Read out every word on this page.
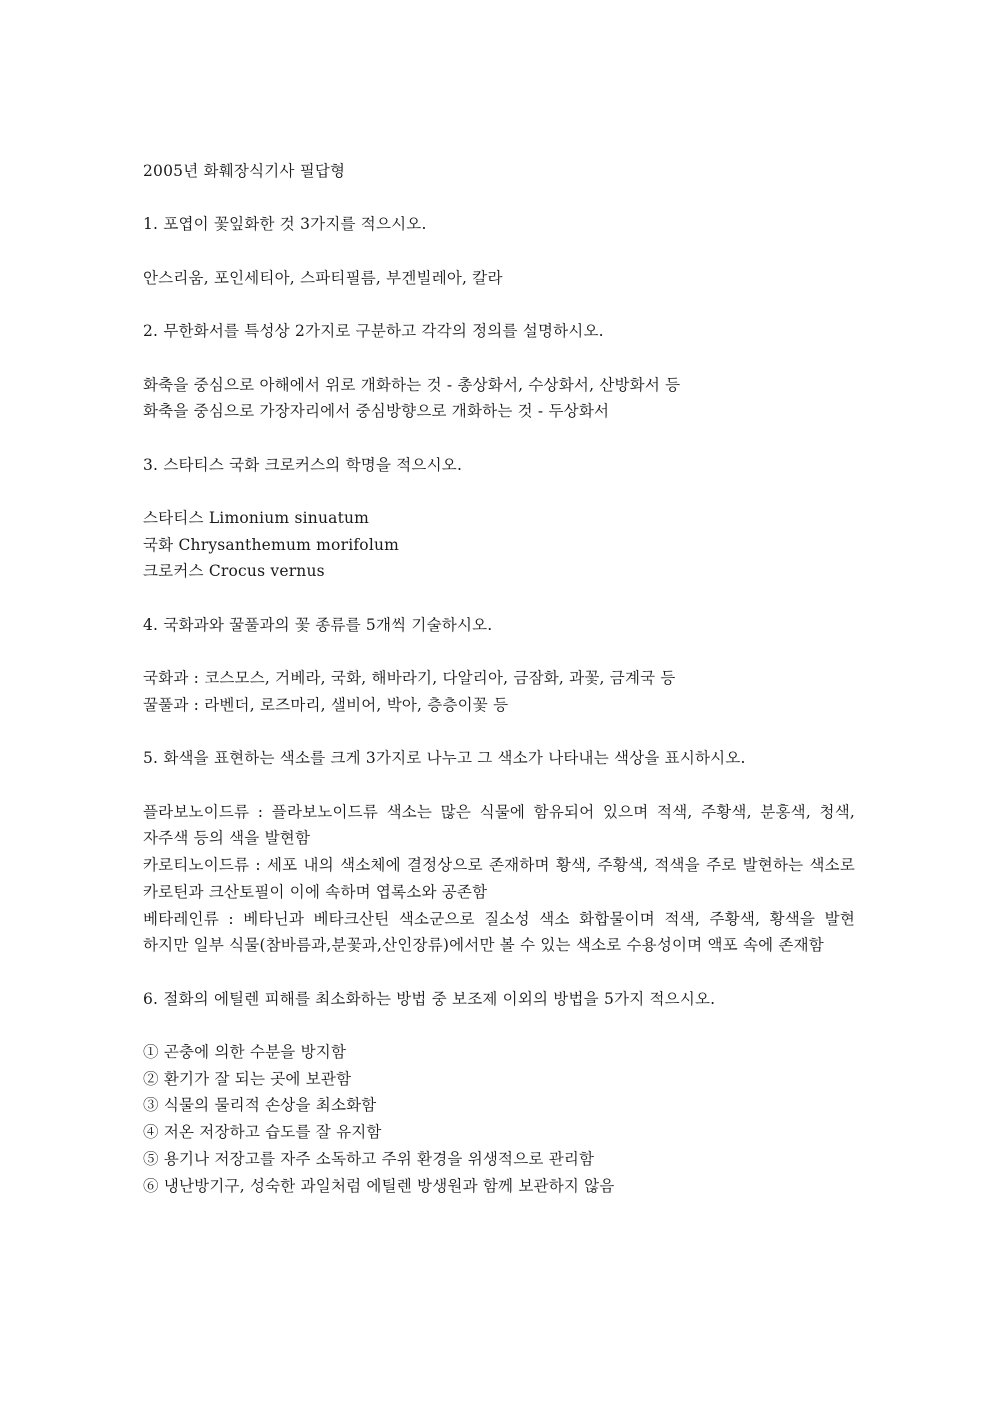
2005년 화훼장식기사 필답형

1. 포엽이 꽃잎화한 것 3가지를 적으시오.

안스리움, 포인세티아, 스파티필름, 부겐빌레아, 칼라

2. 무한화서를 특성상 2가지로 구분하고 각각의 정의를 설명하시오.

화축을 중심으로 아해에서 위로 개화하는 것 - 총상화서, 수상화서, 산방화서 등

화축을 중심으로 가장자리에서 중심방향으로 개화하는 것 - 두상화서

3. 스타티스 국화 크로커스의 학명을 적으시오.

스타티스 Limonium sinuatum

국화 Chrysanthemum morifolum

크로커스 Crocus vernus

4. 국화과와 꿀풀과의 꽃 종류를 5개씩 기술하시오.

국화과 : 코스모스, 거베라, 국화, 해바라기, 다알리아, 금잠화, 과꽃, 금계국 등

꿀풀과 : 라벤더, 로즈마리, 샐비어, 박아, 층층이꽃 등

5. 화색을 표현하는 색소를 크게 3가지로 나누고 그 색소가 나타내는 색상을 표시하시오.

플라보노이드류 : 플라보노이드류 색소는 많은 식물에 함유되어 있으며 적색, 주황색, 분홍색, 청색, 자주색 등의 색을 발현함

카로티노이드류 : 세포 내의 색소체에 결정상으로 존재하며 황색, 주황색, 적색을 주로 발현하는 색소로 카로틴과 크산토필이 이에 속하며 엽록소와 공존함

베타레인류 : 베타닌과 베타크산틴 색소군으로 질소성 색소 화합물이며 적색, 주황색, 황색을 발현 하지만 일부 식물(참바름과,분꽃과,산인장류)에서만 볼 수 있는 색소로 수용성이며 액포 속에 존재함

6. 절화의 에틸렌 피해를 최소화하는 방법 중 보조제 이외의 방법을 5가지 적으시오.

① 곤충에 의한 수분을 방지함

② 환기가 잘 되는 곳에 보관함

③ 식물의 물리적 손상을 최소화함

④ 저온 저장하고 습도를 잘 유지함

⑤ 용기나 저장고를 자주 소독하고 주위 환경을 위생적으로 관리함

⑥ 냉난방기구, 성숙한 과일처럼 에틸렌 방생원과 함께 보관하지 않음
